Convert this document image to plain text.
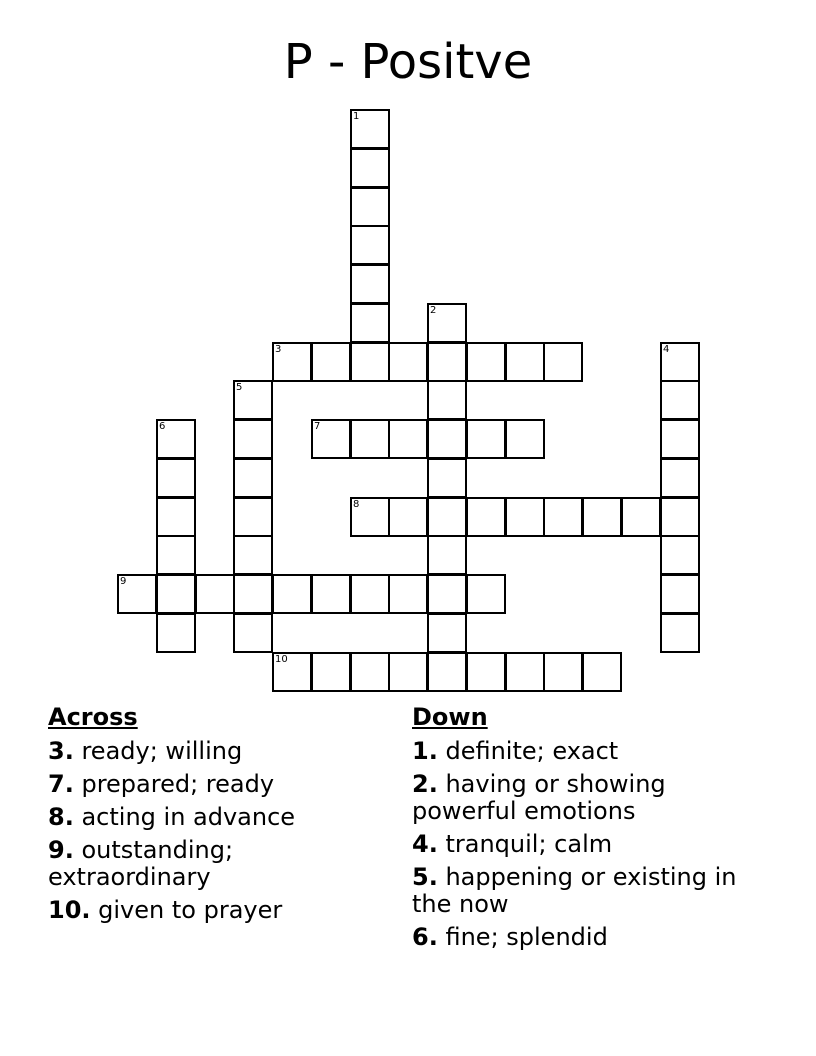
P - Positve
1
2
3	4
5
6	7
8
9
10
Across
3. ready; willing
7. prepared; ready
8. acting in advance
9. outstanding; extraordinary
10. given to prayer
Down
1. definite; exact
2. having or showing powerful emotions
4. tranquil; calm
5. happening or existing in the now
6. fine; splendid
